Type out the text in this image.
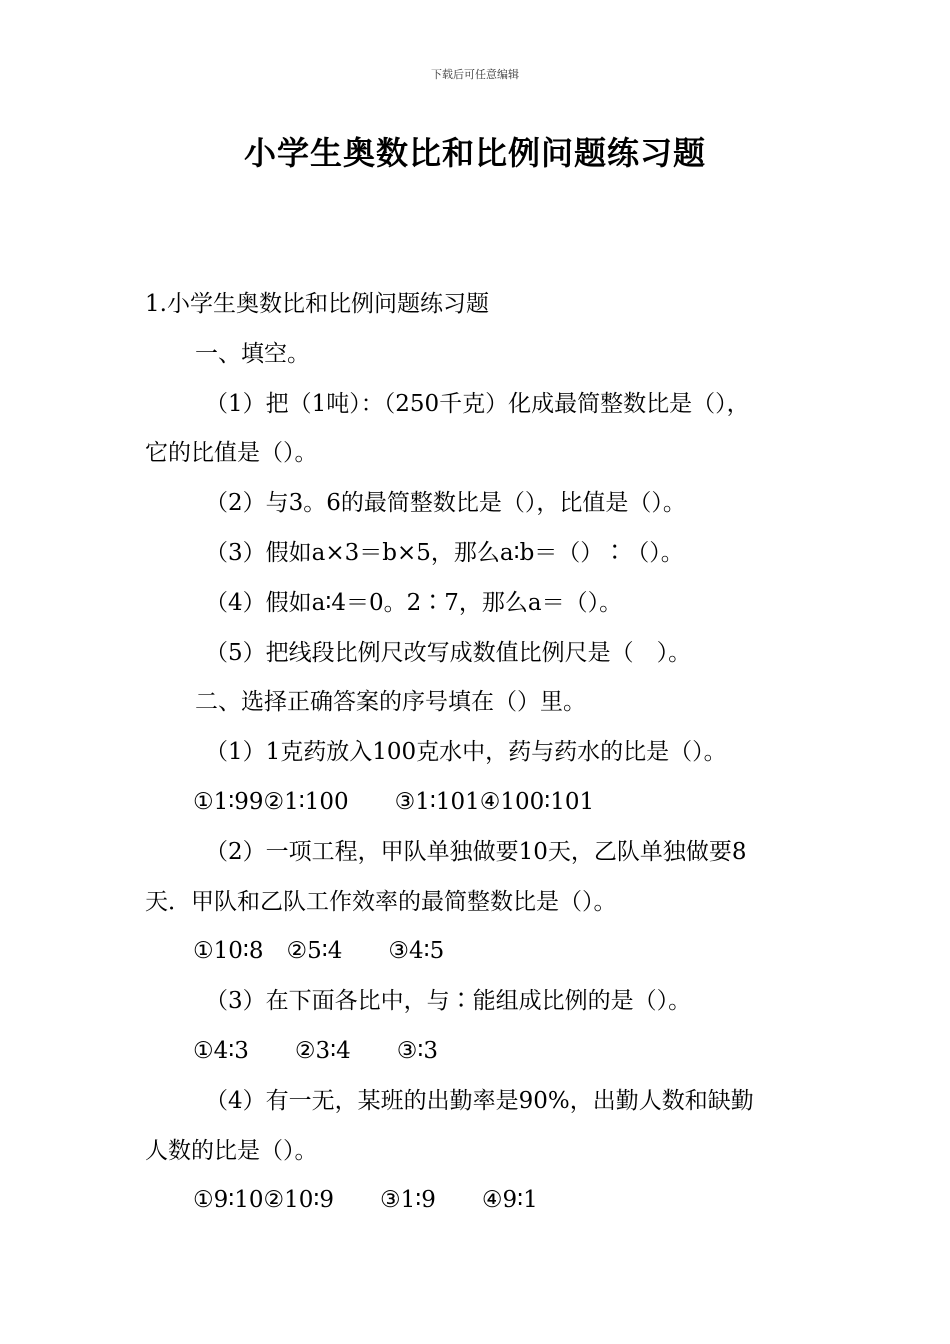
下载后可任意编辑
小学生奥数比和比例问题练习题
1.小学生奥数比和比例问题练习题
一、填空。
（1）把（1吨）：（250千克）化成最简整数比是（），
它的比值是（）。
（2）与3。6的最简整数比是（），比值是（）。
（3）假如a×3＝b×5，那么a∶b＝（）∶（）。
（4）假如a∶4＝0。2∶7，那么a＝（）。
（5）把线段比例尺改写成数值比例尺是（　）。
二、选择正确答案的序号填在（）里。
（1）1克药放入100克水中，药与药水的比是（）。
①1∶99②1∶100　　③1∶101④100∶101
（2）一项工程，甲队单独做要10天，乙队单独做要8
天．甲队和乙队工作效率的最简整数比是（）。
①10∶8　②5∶4　　③4∶5
（3）在下面各比中，与∶能组成比例的是（）。
①4∶3　　②3∶4　　③∶3
（4）有一无，某班的出勤率是90%，出勤人数和缺勤
人数的比是（）。
①9∶10②10∶9　　③1∶9　　④9∶1
